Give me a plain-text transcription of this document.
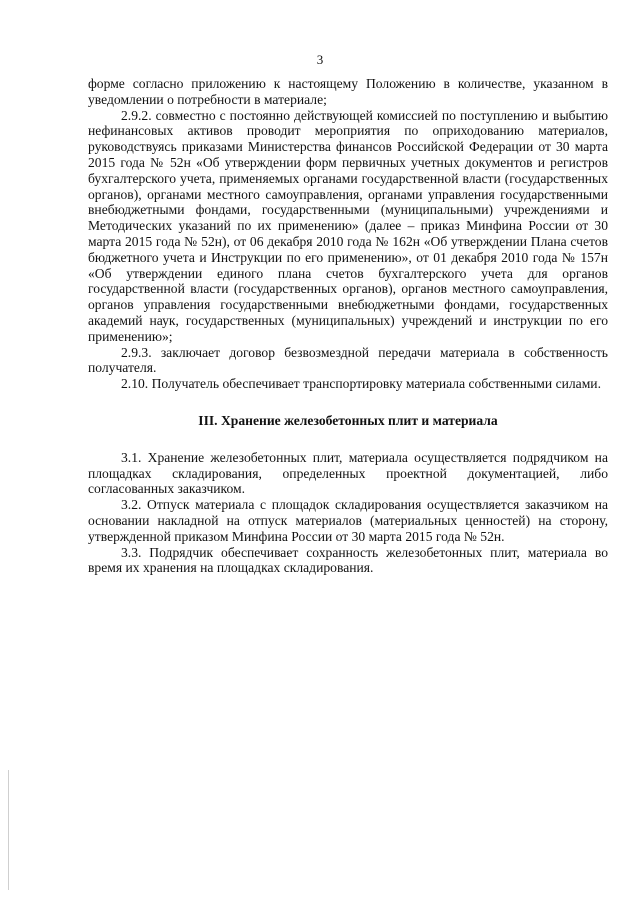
3

форме согласно приложению к настоящему Положению в количестве, указанном в уведомлении о потребности в материале;

2.9.2. совместно с постоянно действующей комиссией по поступлению и выбытию нефинансовых активов проводит мероприятия по оприходованию материалов, руководствуясь приказами Министерства финансов Российской Федерации от 30 марта 2015 года № 52н «Об утверждении форм первичных учетных документов и регистров бухгалтерского учета, применяемых органами государственной власти (государственных органов), органами местного самоуправления, органами управления государственными внебюджетными фондами, государственными (муниципальными) учреждениями и Методических указаний по их применению» (далее – приказ Минфина России от 30 марта 2015 года № 52н), от 06 декабря 2010 года № 162н «Об утверждении Плана счетов бюджетного учета и Инструкции по его применению», от 01 декабря 2010 года № 157н «Об утверждении единого плана счетов бухгалтерского учета для органов государственной власти (государственных органов), органов местного самоуправления, органов управления государственными внебюджетными фондами, государственных академий наук, государственных (муниципальных) учреждений и инструкции по его применению»;

2.9.3. заключает договор безвозмездной передачи материала в собственность получателя.

2.10. Получатель обеспечивает транспортировку материала собственными силами.

III. Хранение железобетонных плит и материала

3.1. Хранение железобетонных плит, материала осуществляется подрядчиком на площадках складирования, определенных проектной документацией, либо согласованных заказчиком.

3.2. Отпуск материала с площадок складирования осуществляется заказчиком на основании накладной на отпуск материалов (материальных ценностей) на сторону, утвержденной приказом Минфина России от 30 марта 2015 года № 52н.

3.3. Подрядчик обеспечивает сохранность железобетонных плит, материала во время их хранения на площадках складирования.
